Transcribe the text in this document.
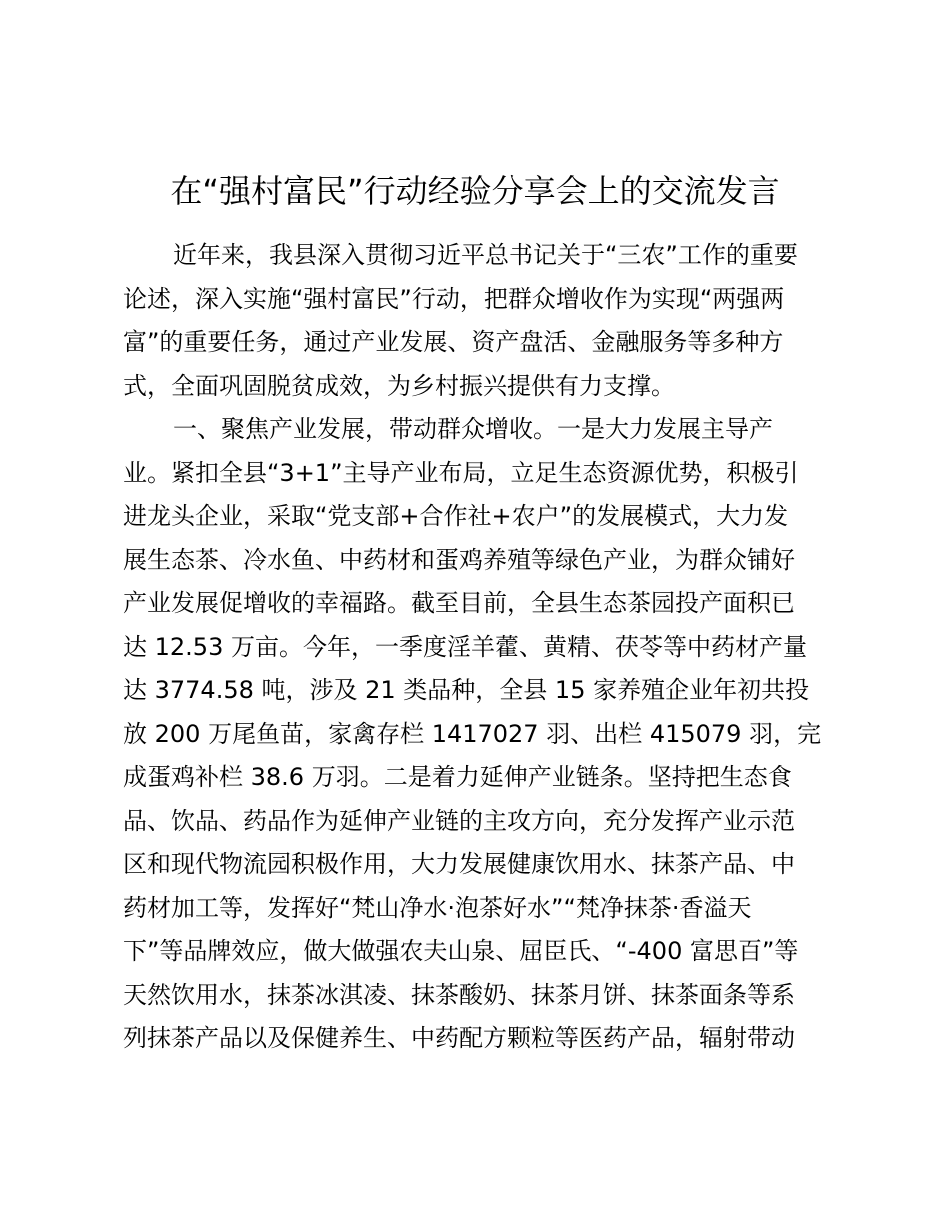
在“强村富民”行动经验分享会上的交流发言
近年来，我县深入贯彻习近平总书记关于“三农”工作的重要
论述，深入实施“强村富民”行动，把群众增收作为实现“两强两
富”的重要任务，通过产业发展、资产盘活、金融服务等多种方
式，全面巩固脱贫成效，为乡村振兴提供有力支撑。
一、聚焦产业发展，带动群众增收。一是大力发展主导产
业。紧扣全县“3+1”主导产业布局，立足生态资源优势，积极引
进龙头企业，采取“党支部+合作社+农户”的发展模式，大力发
展生态茶、冷水鱼、中药材和蛋鸡养殖等绿色产业，为群众铺好
产业发展促增收的幸福路。截至目前，全县生态茶园投产面积已
达 12.53 万亩。今年，一季度淫羊藿、黄精、茯苓等中药材产量
达 3774.58 吨，涉及 21 类品种，全县 15 家养殖企业年初共投
放 200 万尾鱼苗，家禽存栏 1417027 羽、出栏 415079 羽，完
成蛋鸡补栏 38.6 万羽。二是着力延伸产业链条。坚持把生态食
品、饮品、药品作为延伸产业链的主攻方向，充分发挥产业示范
区和现代物流园积极作用，大力发展健康饮用水、抹茶产品、中
药材加工等，发挥好“梵山净水·泡茶好水”“梵净抹茶·香溢天
下”等品牌效应，做大做强农夫山泉、屈臣氏、“-400 富思百”等
天然饮用水，抹茶冰淇凌、抹茶酸奶、抹茶月饼、抹茶面条等系
列抹茶产品以及保健养生、中药配方颗粒等医药产品，辐射带动
